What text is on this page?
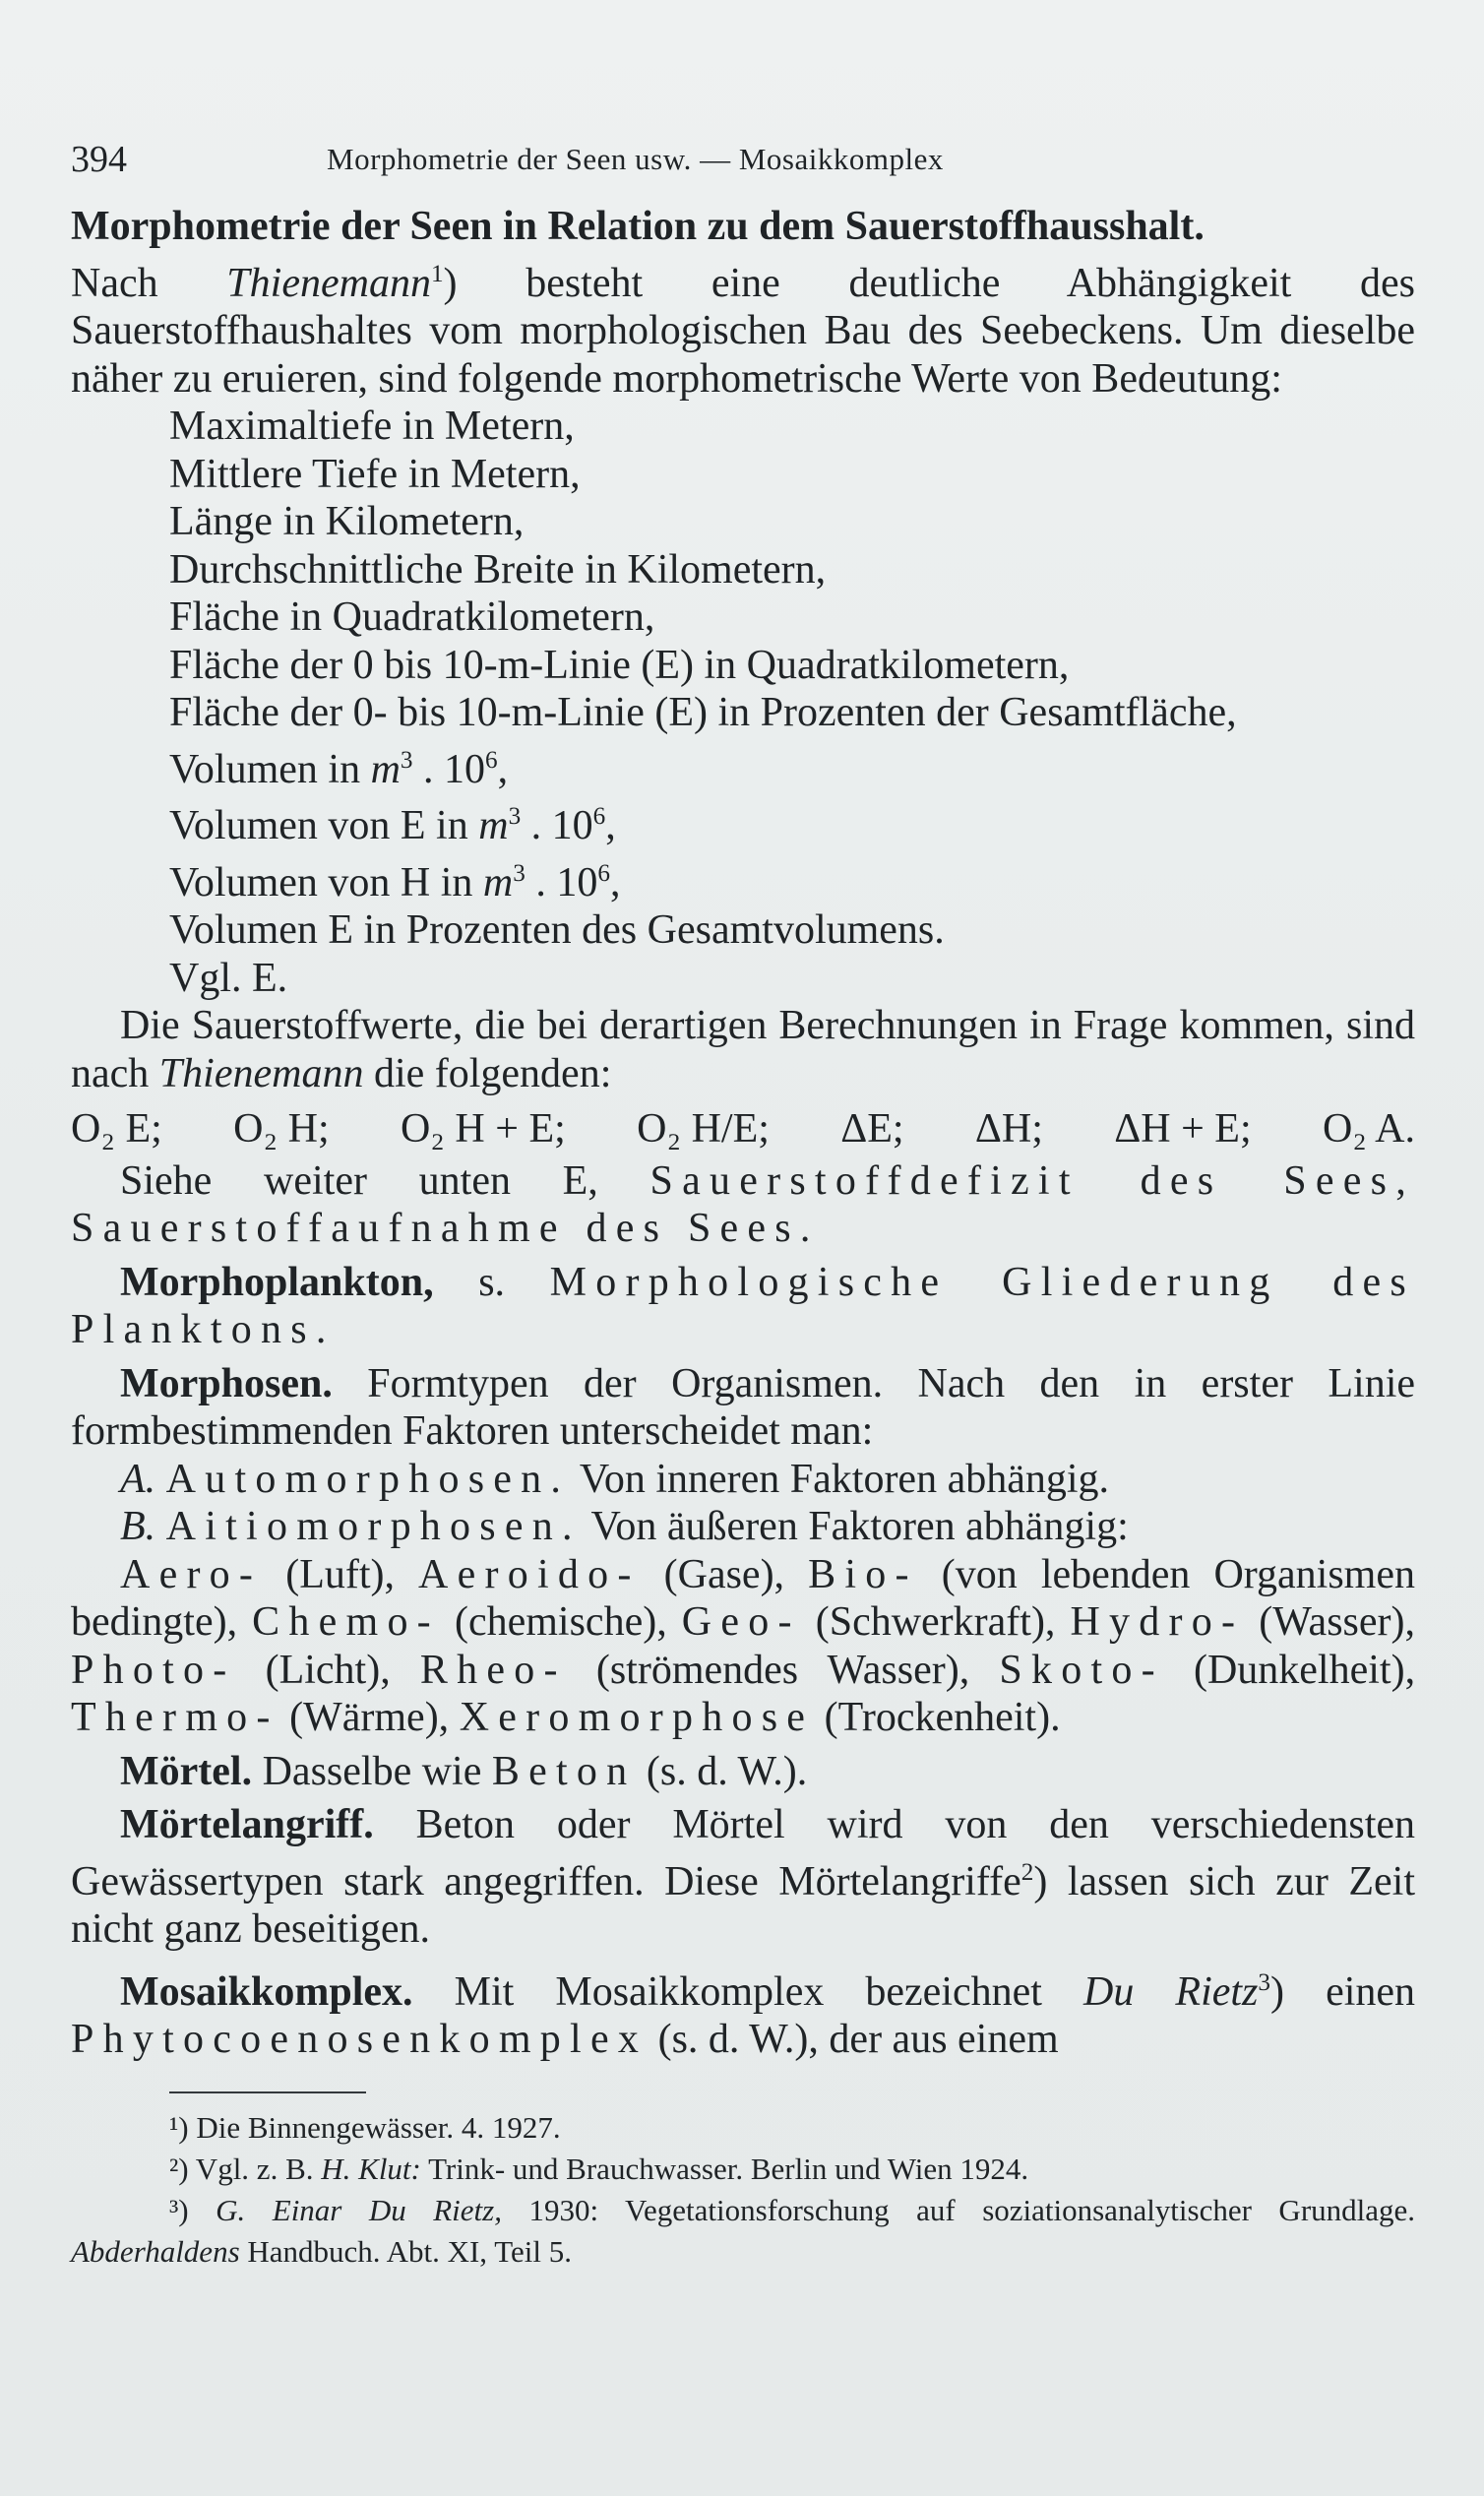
394	Morphometrie der Seen usw. — Mosaikkomplex

Morphometrie der Seen in Relation zu dem Sauerstoffhausshalt.
Nach Thienemann$^1$) besteht eine deutliche Abhängigkeit des Sauerstoffhaushaltes vom morphologischen Bau des Seebeckens. Um dieselbe näher zu eruieren, sind folgende morphometrische Werte von Bedeutung:

Maximaltiefe in Metern,
Mittlere Tiefe in Metern,
Länge in Kilometern,
Durchschnittliche Breite in Kilometern,
Fläche in Quadratkilometern,
Fläche der 0 bis 10-m-Linie (E) in Quadratkilometern,
Fläche der 0- bis 10-m-Linie (E) in Prozenten der Gesamtfläche,
Volumen in $m^3$ . $10^6$,
Volumen von E in $m^3$ . $10^6$,
Volumen von H in $m^3$ . $10^6$,
Volumen E in Prozenten des Gesamtvolumens.
Vgl. E.

Die Sauerstoffwerte, die bei derartigen Berechnungen in Frage kommen, sind nach Thienemann die folgenden:

O₂ E; O₂ H; O₂ H + E; O₂ H/E; ΔE; ΔH; ΔH + E; O₂ A.

Siehe weiter unten E, Sauerstoffdefizit des Sees, Sauerstoffaufnahme des Sees.

Morphoplankton, s. Morphologische Gliederung des Planktons.

Morphosen. Formtypen der Organismen. Nach den in erster Linie formbestimmenden Faktoren unterscheidet man:

A. Automorphosen. Von inneren Faktoren abhängig.

B. Aitiomorphosen. Von äußeren Faktoren abhängig:

Aero- (Luft), Aeroido- (Gase), Bio- (von lebenden Organismen bedingte), Chemo- (chemische), Geo- (Schwerkraft), Hydro- (Wasser), Photo- (Licht), Rheo- (strömendes Wasser), Skoto- (Dunkelheit), Thermo- (Wärme), Xeromorphose (Trockenheit).

Mörtel. Dasselbe wie Beton (s. d. W.).

Mörtelangriff. Beton oder Mörtel wird von den verschiedensten Gewässertypen stark angegriffen. Diese Mörtelangriffe$^2$) lassen sich zur Zeit nicht ganz beseitigen.

Mosaikkomplex. Mit Mosaikkomplex bezeichnet Du Rietz$^3$) einen Phytocoenosenkomplex (s. d. W.), der aus einem

¹) Die Binnengewässer. 4. 1927.

²) Vgl. z. B. H. Klut: Trink- und Brauchwasser. Berlin und Wien 1924.

³) G. Einar Du Rietz, 1930: Vegetationsforschung auf soziationsanalytischer Grundlage. Abderhaldens Handbuch. Abt. XI, Teil 5.
